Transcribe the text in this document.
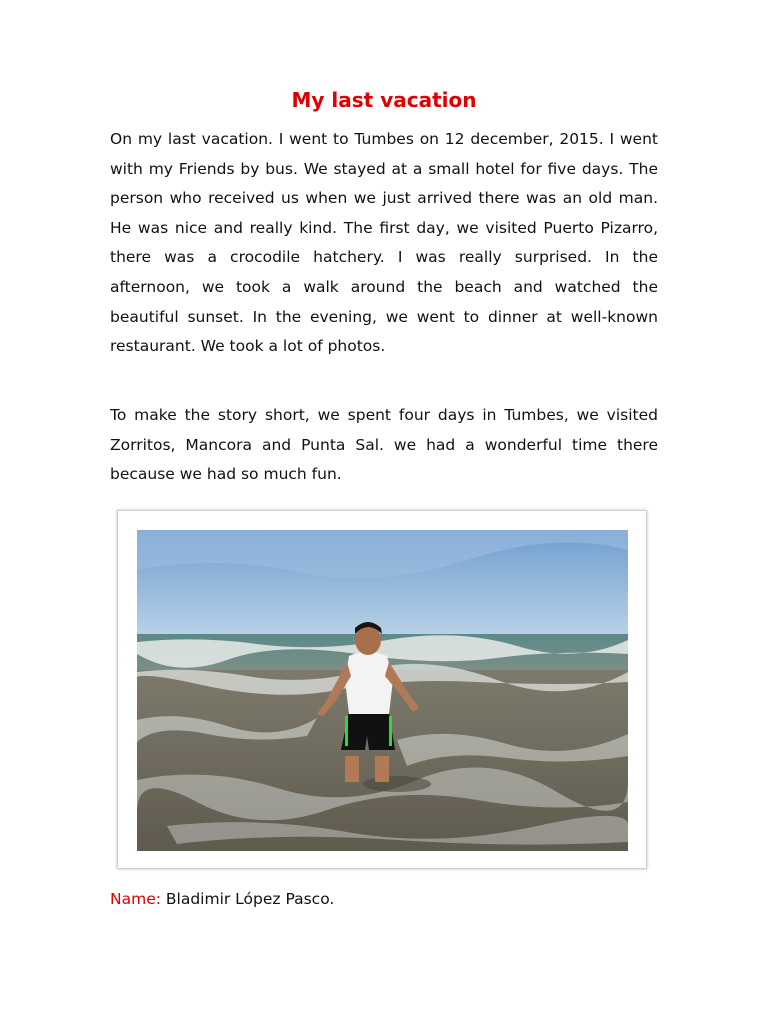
My last vacation

On my last vacation. I went to Tumbes on 12 december, 2015. I went with my Friends by bus. We stayed at a small hotel for five days. The person who received us when we just arrived there was an old man. He was nice and really kind. The first day, we visited Puerto Pizarro, there was a crocodile hatchery. I was really surprised. In the afternoon, we took a walk around the beach and watched the beautiful sunset. In the evening, we went to dinner at well-known restaurant. We took a lot of photos.

To make the story short, we spent four days in Tumbes, we visited Zorritos, Mancora and Punta Sal. we had a wonderful time there because we had so much fun.

Name: Bladimir López Pasco.
